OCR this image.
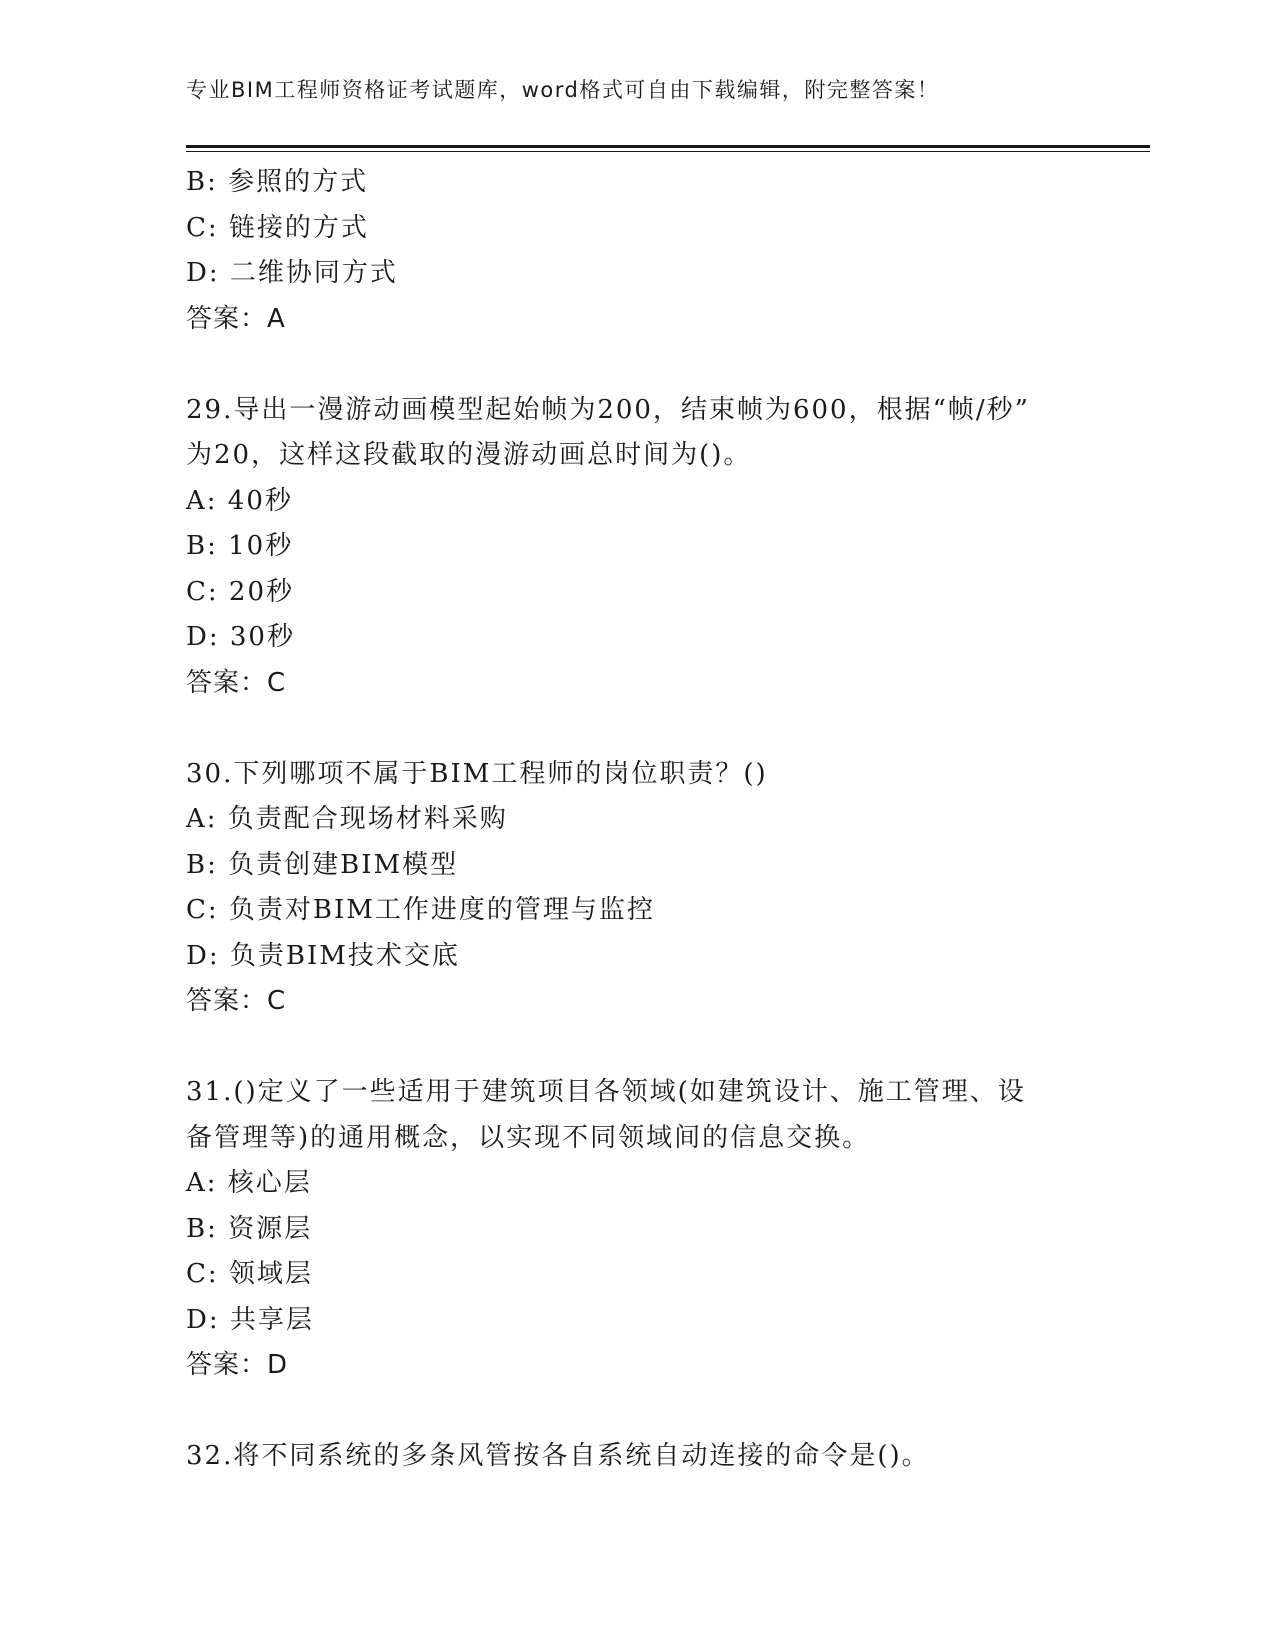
专业BIM工程师资格证考试题库，word格式可自由下载编辑，附完整答案！
B: 参照的方式
C: 链接的方式
D: 二维协同方式
答案：A
29.导出一漫游动画模型起始帧为200，结束帧为600，根据“帧/秒”
为20，这样这段截取的漫游动画总时间为()。
A: 40秒
B: 10秒
C: 20秒
D: 30秒
答案：C
30.下列哪项不属于BIM工程师的岗位职责？()
A: 负责配合现场材料采购
B: 负责创建BIM模型
C: 负责对BIM工作进度的管理与监控
D: 负责BIM技术交底
答案：C
31.()定义了一些适用于建筑项目各领域(如建筑设计、施工管理、设
备管理等)的通用概念，以实现不同领域间的信息交换。
A: 核心层
B: 资源层
C: 领域层
D: 共享层
答案：D
32.将不同系统的多条风管按各自系统自动连接的命令是()。
